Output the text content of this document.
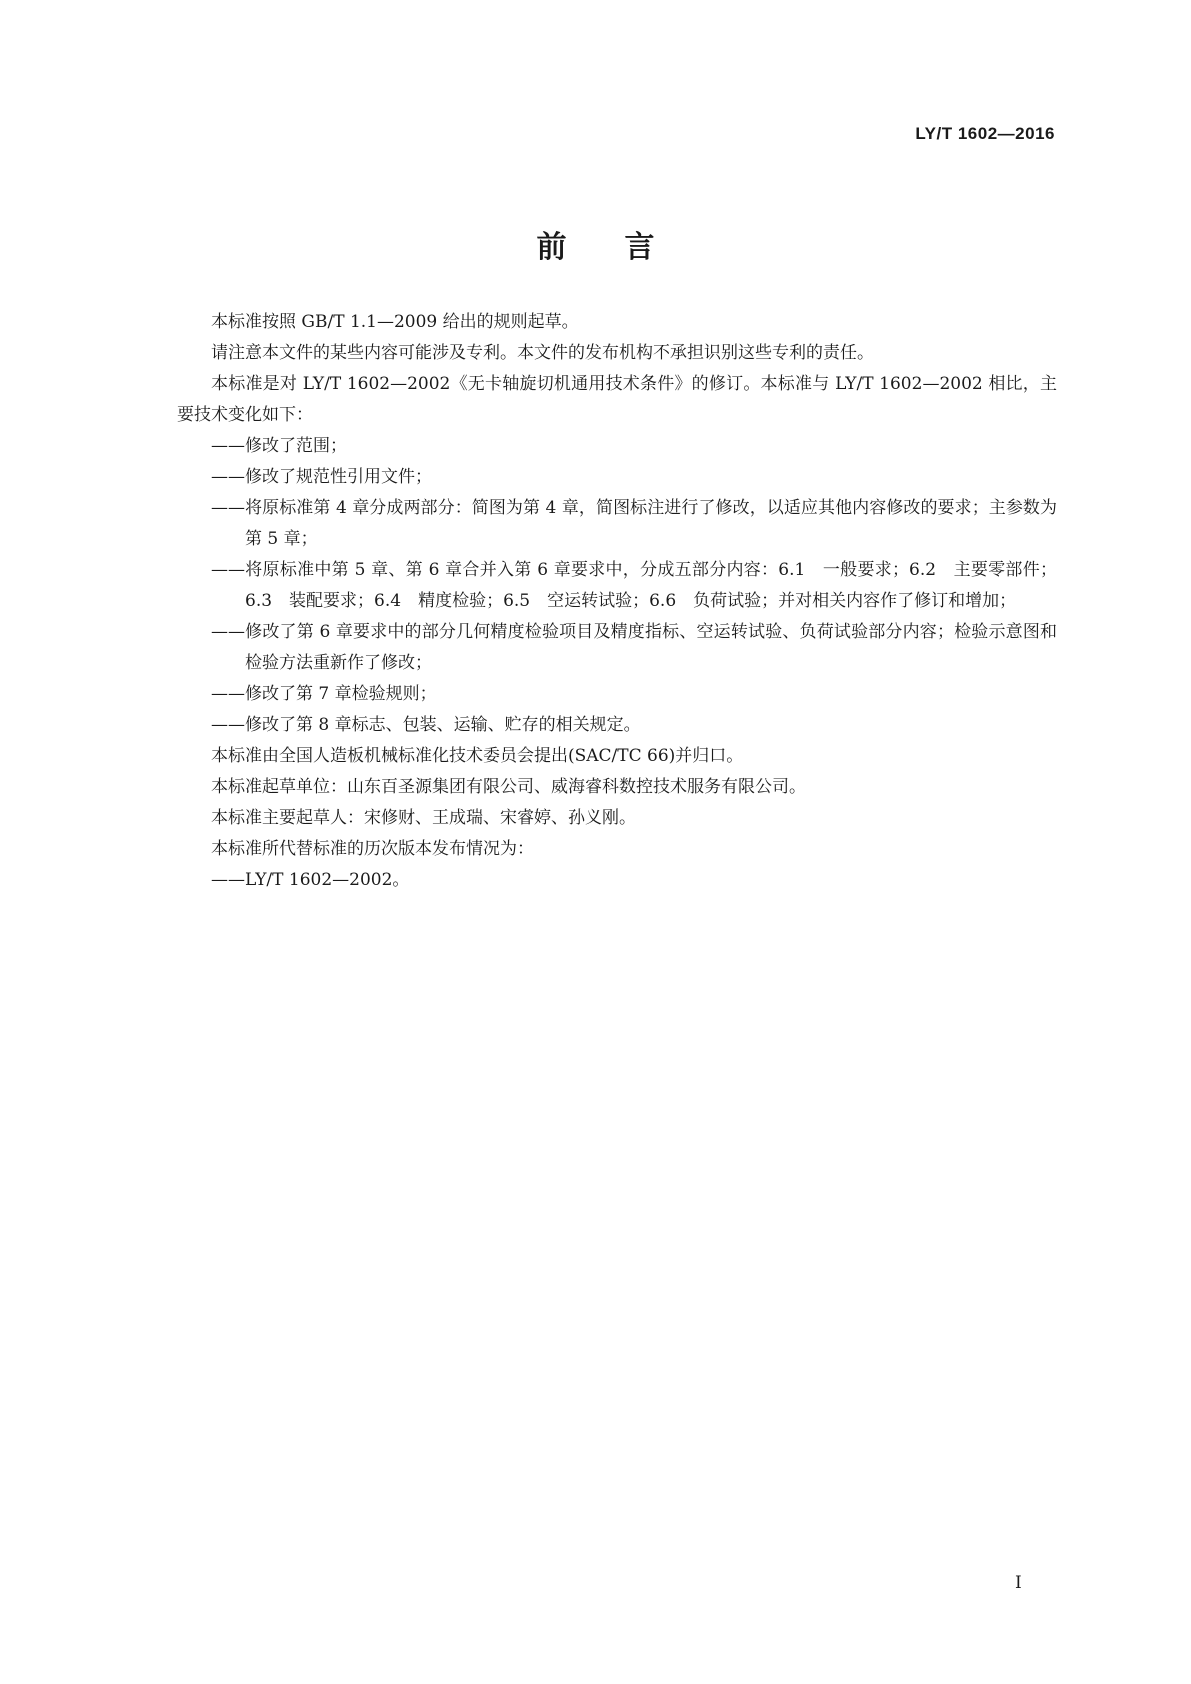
LY/T 1602—2016
前言

本标准按照 GB/T 1.1—2009 给出的规则起草。

请注意本文件的某些内容可能涉及专利。本文件的发布机构不承担识别这些专利的责任。

本标准是对 LY/T 1602—2002《无卡轴旋切机通用技术条件》的修订。本标准与 LY/T 1602—2002 相比，主要技术变化如下：

——修改了范围；

——修改了规范性引用文件；

——将原标准第 4 章分成两部分：简图为第 4 章，简图标注进行了修改，以适应其他内容修改的要求；主参数为第 5 章；

——将原标准中第 5 章、第 6 章合并入第 6 章要求中，分成五部分内容：6.1　一般要求；6.2　主要零部件；6.3　装配要求；6.4　精度检验；6.5　空运转试验；6.6　负荷试验；并对相关内容作了修订和增加；

——修改了第 6 章要求中的部分几何精度检验项目及精度指标、空运转试验、负荷试验部分内容；检验示意图和检验方法重新作了修改；

——修改了第 7 章检验规则；

——修改了第 8 章标志、包装、运输、贮存的相关规定。

本标准由全国人造板机械标准化技术委员会提出(SAC/TC 66)并归口。

本标准起草单位：山东百圣源集团有限公司、威海睿科数控技术服务有限公司。

本标准主要起草人：宋修财、王成瑞、宋睿婷、孙义刚。

本标准所代替标准的历次版本发布情况为：

——LY/T 1602—2002。

I
